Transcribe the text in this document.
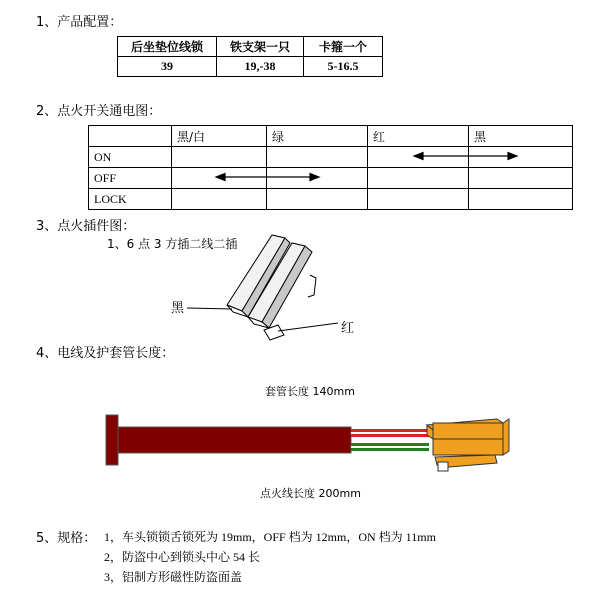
1、产品配置：
后坐垫位线锁	铁支架一只	卡箍一个
39	19,-38	5-16.5
2、点火开关通电图：
	黑/白	绿	红	黑
ON				
OFF				
LOCK				
3、点火插件图：
1、6 点 3 方插二线二插
黑
红
4、电线及护套管长度：
套管长度 140mm
点火线长度 200mm
5、规格： 1，车头锁锁舌锁死为 19mm，OFF 档为 12mm，ON 档为 11mm
2，防盗中心到锁头中心 54 长
3，铝制方形磁性防盗面盖
